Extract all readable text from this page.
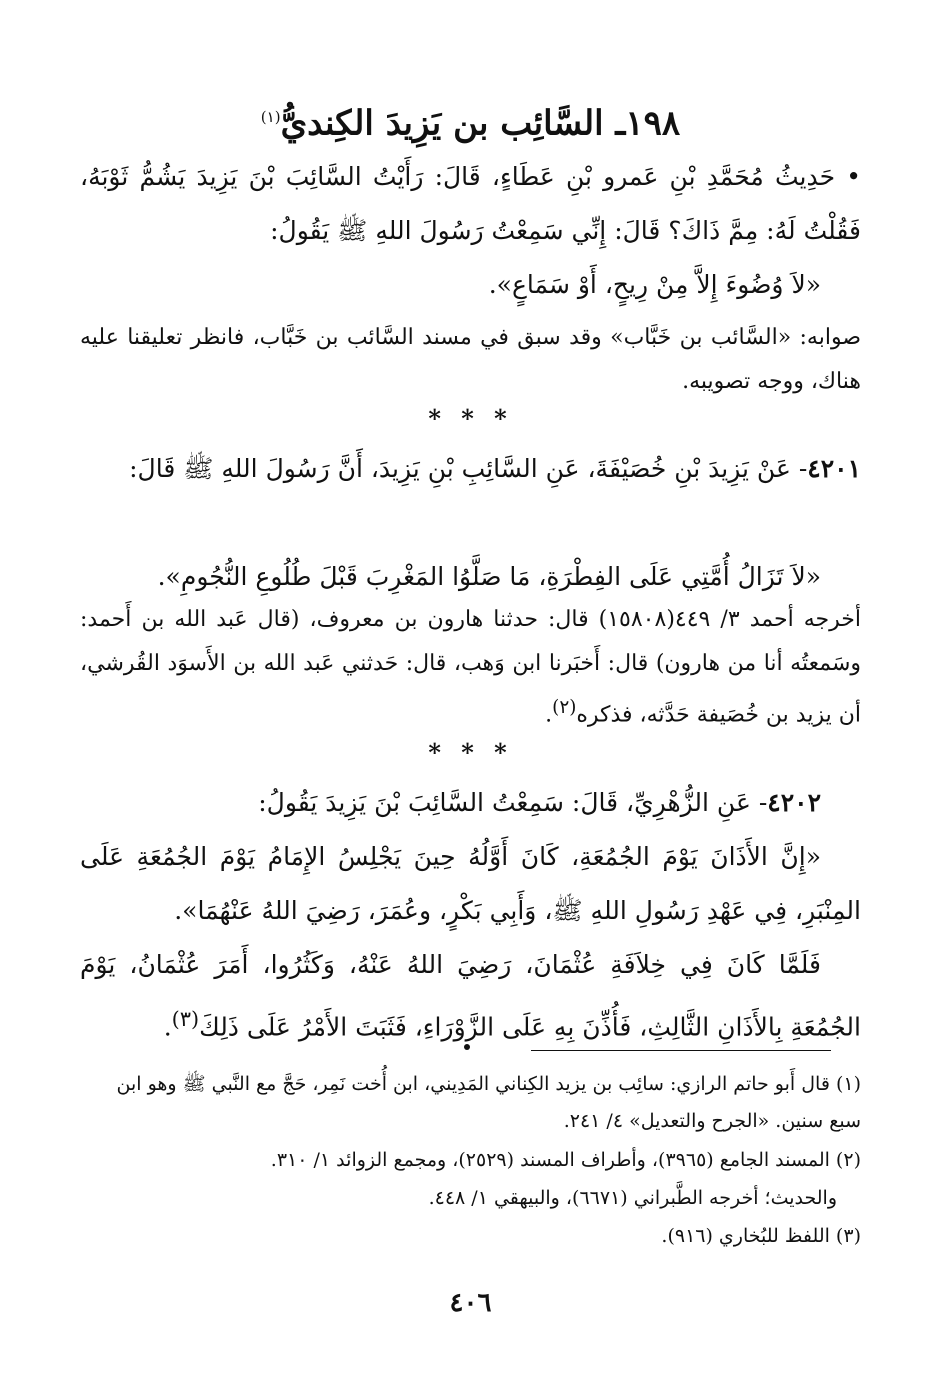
١٩٨ـ السَّائِب بن يَزِيدَ الكِنديُّ$^{(١)}$
• حَدِيثُ مُحَمَّدِ بْنِ عَمرو بْنِ عَطَاءٍ، قَالَ: رَأَيْتُ السَّائِبَ بْنَ يَزِيدَ يَشُمُّ ثَوْبَهُ، فَقُلْتُ لَهُ: مِمَّ ذَاكَ؟ قَالَ: إِنِّي سَمِعْتُ رَسُولَ اللهِ ﷺ يَقُولُ:
«لاَ وُضُوءَ إِلاَّ مِنْ رِيحٍ، أَوْ سَمَاعٍ».
صوابه: «السَّائب بن خَبَّاب» وقد سبق في مسند السَّائب بن خَبَّاب، فانظر تعليقنا عليه هناك، ووجه تصويبه.
* * *
٤٢٠١- عَنْ يَزِيدَ بْنِ خُصَيْفَةَ، عَنِ السَّائِبِ بْنِ يَزِيدَ، أَنَّ رَسُولَ اللهِ ﷺ قَالَ:
«لاَ تَزَالُ أُمَّتِي عَلَى الفِطْرَةِ، مَا صَلَّوُا المَغْرِبَ قَبْلَ طُلُوعِ النُّجُومِ».
أخرجه أحمد ٣/ ٤٤٩(١٥٨٠٨) قال: حدثنا هارون بن معروف، (قال عَبد الله بن أَحمد: وسَمعتُه أنا من هارون) قال: أَخبَرنا ابن وَهب، قال: حَدثني عَبد الله بن الأَسوَد القُرشي، أن يزيد بن خُصَيفة حَدَّثه، فذكره$^{(٢)}$.
* * *
٤٢٠٢- عَنِ الزُّهْرِيِّ، قَالَ: سَمِعْتُ السَّائِبَ بْنَ يَزِيدَ يَقُولُ:
«إِنَّ الأَذَانَ يَوْمَ الجُمُعَةِ، كَانَ أَوَّلُهُ حِينَ يَجْلِسُ الإِمَامُ يَوْمَ الجُمُعَةِ عَلَى المِنْبَرِ، فِي عَهْدِ رَسُولِ اللهِ ﷺ، وَأَبِي بَكْرٍ، وعُمَرَ، رَضِيَ اللهُ عَنْهُمَا».
فَلَمَّا كَانَ فِي خِلاَفَةِ عُثْمَانَ، رَضِيَ اللهُ عَنْهُ، وَكَثُرُوا، أَمَرَ عُثْمَانُ، يَوْمَ الجُمُعَةِ بِالأَذَانِ الثَّالِثِ، فَأُذِّنَ بِهِ عَلَى الزَّوْرَاءِ، فَثَبَتَ الأَمْرُ عَلَى ذَلِكَ$^{(٣)}$.
(١) قال أَبو حاتم الرازي: سائِب بن يزيد الكِناني المَدِيني، ابن أُخت نَمِر، حَجَّ مع النَّبي ﷺ وهو ابن سبع سنين. «الجرح والتعديل» ٤/ ٢٤١.
(٢) المسند الجامع (٣٩٦٥)، وأطراف المسند (٢٥٢٩)، ومجمع الزوائد ١/ ٣١٠.
والحديث؛ أخرجه الطَّبراني (٦٦٧١)، والبيهقي ١/ ٤٤٨.
(٣) اللفظ للبُخاري (٩١٦).
٤٠٦
